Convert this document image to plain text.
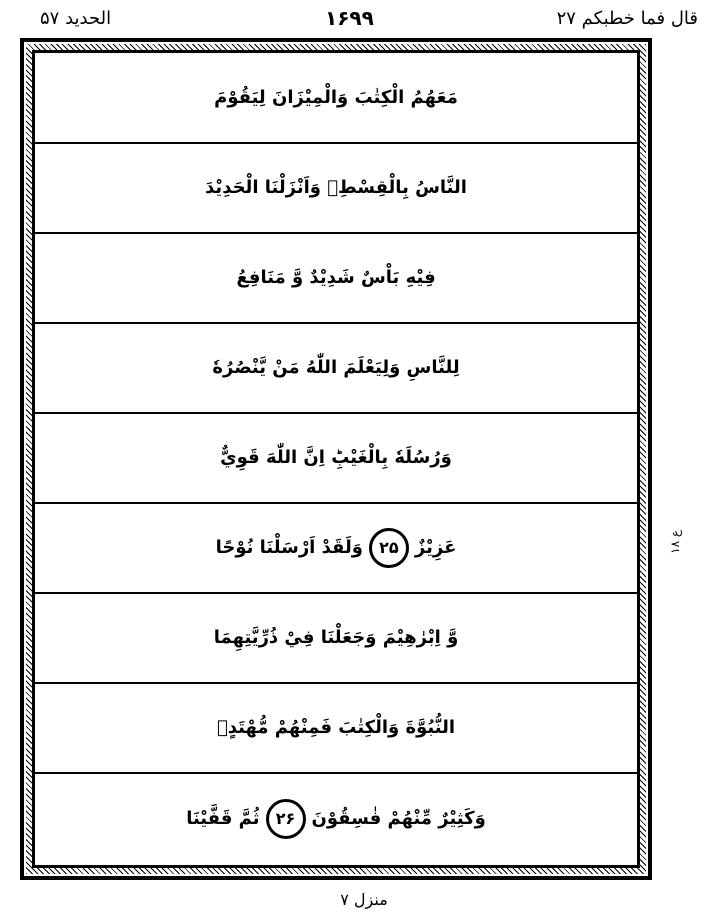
الحدید ۵۷	۱۶۹۹	قال فما خطبکم ۲۷
مَعَهُمُ الْكِتٰبَ وَالْمِيْزَانَ لِيَقُوْمَ
النَّاسُ بِالْقِسْطِۚ وَاَنْزَلْنَا الْحَدِيْدَ
فِيْهِ بَاْسٌ شَدِيْدٌ وَّ مَنَافِعُ
لِلنَّاسِ وَلِيَعْلَمَ اللّٰهُ مَنْ يَّنْصُرُهٗ
وَرُسُلَهٗ بِالْغَيْبِؕ اِنَّ اللّٰهَ قَوِيٌّ
عَزِيْزٌ
۲۵
وَلَقَدْ اَرْسَلْنَا نُوْحًا
وَّ اِبْرٰهِيْمَ وَجَعَلْنَا فِيْ ذُرِّيَّتِهِمَا
النُّبُوَّةَ وَالْكِتٰبَ فَمِنْهُمْ مُّهْتَدٍۚ
وَكَثِيْرٌ مِّنْهُمْ فٰسِقُوْنَ
۲۶
ثُمَّ قَفَّيْنَا
ع ۱۸
منزل ۷
